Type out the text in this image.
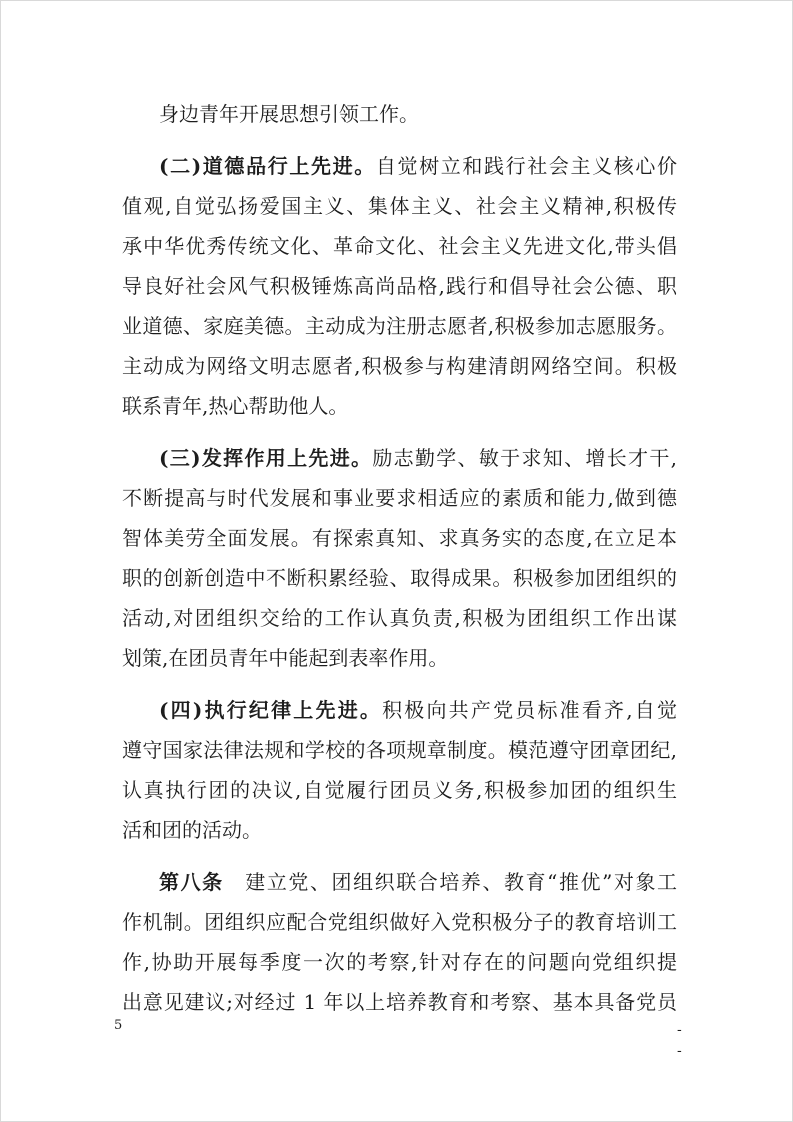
身边青年开展思想引领工作。
(二)道德品行上先进。自觉树立和践行社会主义核心价
值观,自觉弘扬爱国主义、集体主义、社会主义精神,积极传
承中华优秀传统文化、革命文化、社会主义先进文化,带头倡
导良好社会风气积极锤炼高尚品格,践行和倡导社会公德、职
业道德、家庭美德。主动成为注册志愿者,积极参加志愿服务。
主动成为网络文明志愿者,积极参与构建清朗网络空间。积极
联系青年,热心帮助他人。
(三)发挥作用上先进。励志勤学、敏于求知、增长才干,
不断提高与时代发展和事业要求相适应的素质和能力,做到德
智体美劳全面发展。有探索真知、求真务实的态度,在立足本
职的创新创造中不断积累经验、取得成果。积极参加团组织的
活动,对团组织交给的工作认真负责,积极为团组织工作出谋
划策,在团员青年中能起到表率作用。
(四)执行纪律上先进。积极向共产党员标准看齐,自觉
遵守国家法律法规和学校的各项规章制度。模范遵守团章团纪,
认真执行团的决议,自觉履行团员义务,积极参加团的组织生
活和团的活动。
第八条　建立党、团组织联合培养、教育“推优”对象工
作机制。团组织应配合党组织做好入党积极分子的教育培训工
作,协助开展每季度一次的考察,针对存在的问题向党组织提
出意见建议;对经过 1 年以上培养教育和考察、基本具备党员
5	-
-
